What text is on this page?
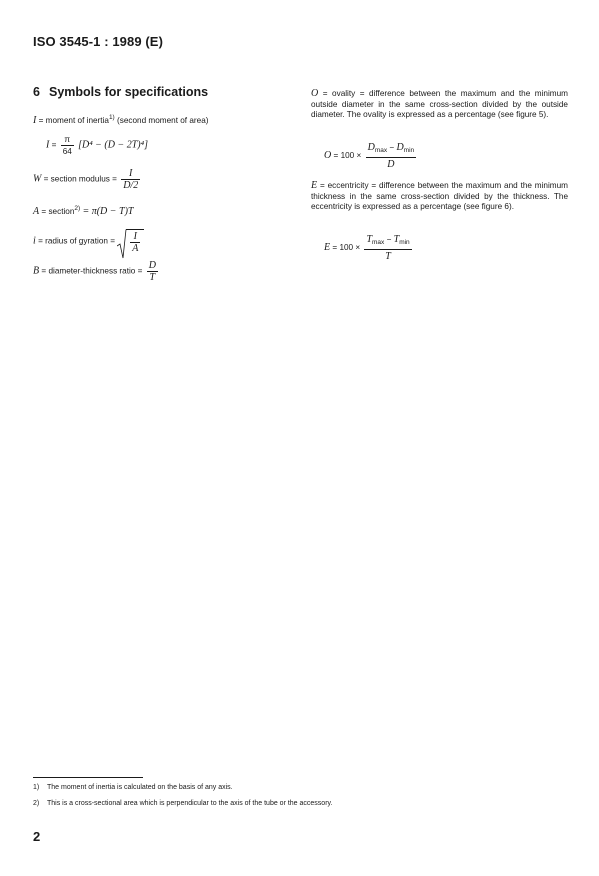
ISO 3545-1 : 1989 (E)
6 Symbols for specifications
I = moment of inertia$^{1)}$ (second moment of area)
$I = \frac{\pi}{64} [D^4 - (D - 2T)^4]$
W = section modulus = $\frac{I}{D/2}$
A = section$^{2)}$ = π(D − T)T
i = radius of gyration = $\frac{I}{A}$
B = diameter-thickness ratio = $\frac{D}{T}$
O = ovality = difference between the maximum and the minimum outside diameter in the same cross-section divided by the outside diameter. The ovality is expressed as a percentage (see figure 5).
$O = 100 \times \frac{D_{max} - D_{min}}{D}$
E = eccentricity = difference between the maximum and the minimum thickness in the same cross-section divided by the thickness. The eccentricity is expressed as a percentage (see figure 6).
$E = 100 \times \frac{T_{max} - T_{min}}{T}$
1) The moment of inertia is calculated on the basis of any axis.
2) This is a cross-sectional area which is perpendicular to the axis of the tube or the accessory.
2
